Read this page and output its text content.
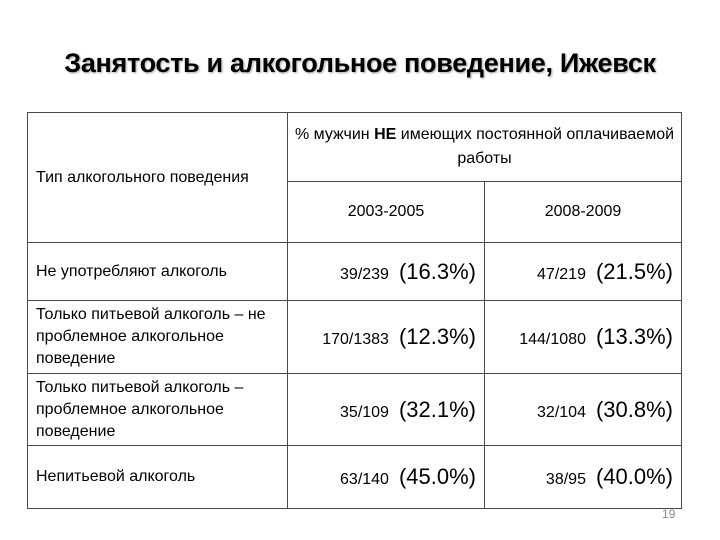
Занятость и алкогольное поведение, Ижевск
Тип алкогольного поведения	% мужчин НЕ имеющих постоянной оплачиваемой работы	
	2003-2005	2008-2009
Не употребляют алкоголь	39/239 (16.3%)	47/219 (21.5%)
Только питьевой алкоголь – не проблемное алкогольное поведение	170/1383 (12.3%)	144/1080 (13.3%)
Только питьевой алкоголь – проблемное алкогольное поведение	35/109 (32.1%)	32/104 (30.8%)
Непитьевой алкоголь	63/140 (45.0%)	38/95 (40.0%)
19
